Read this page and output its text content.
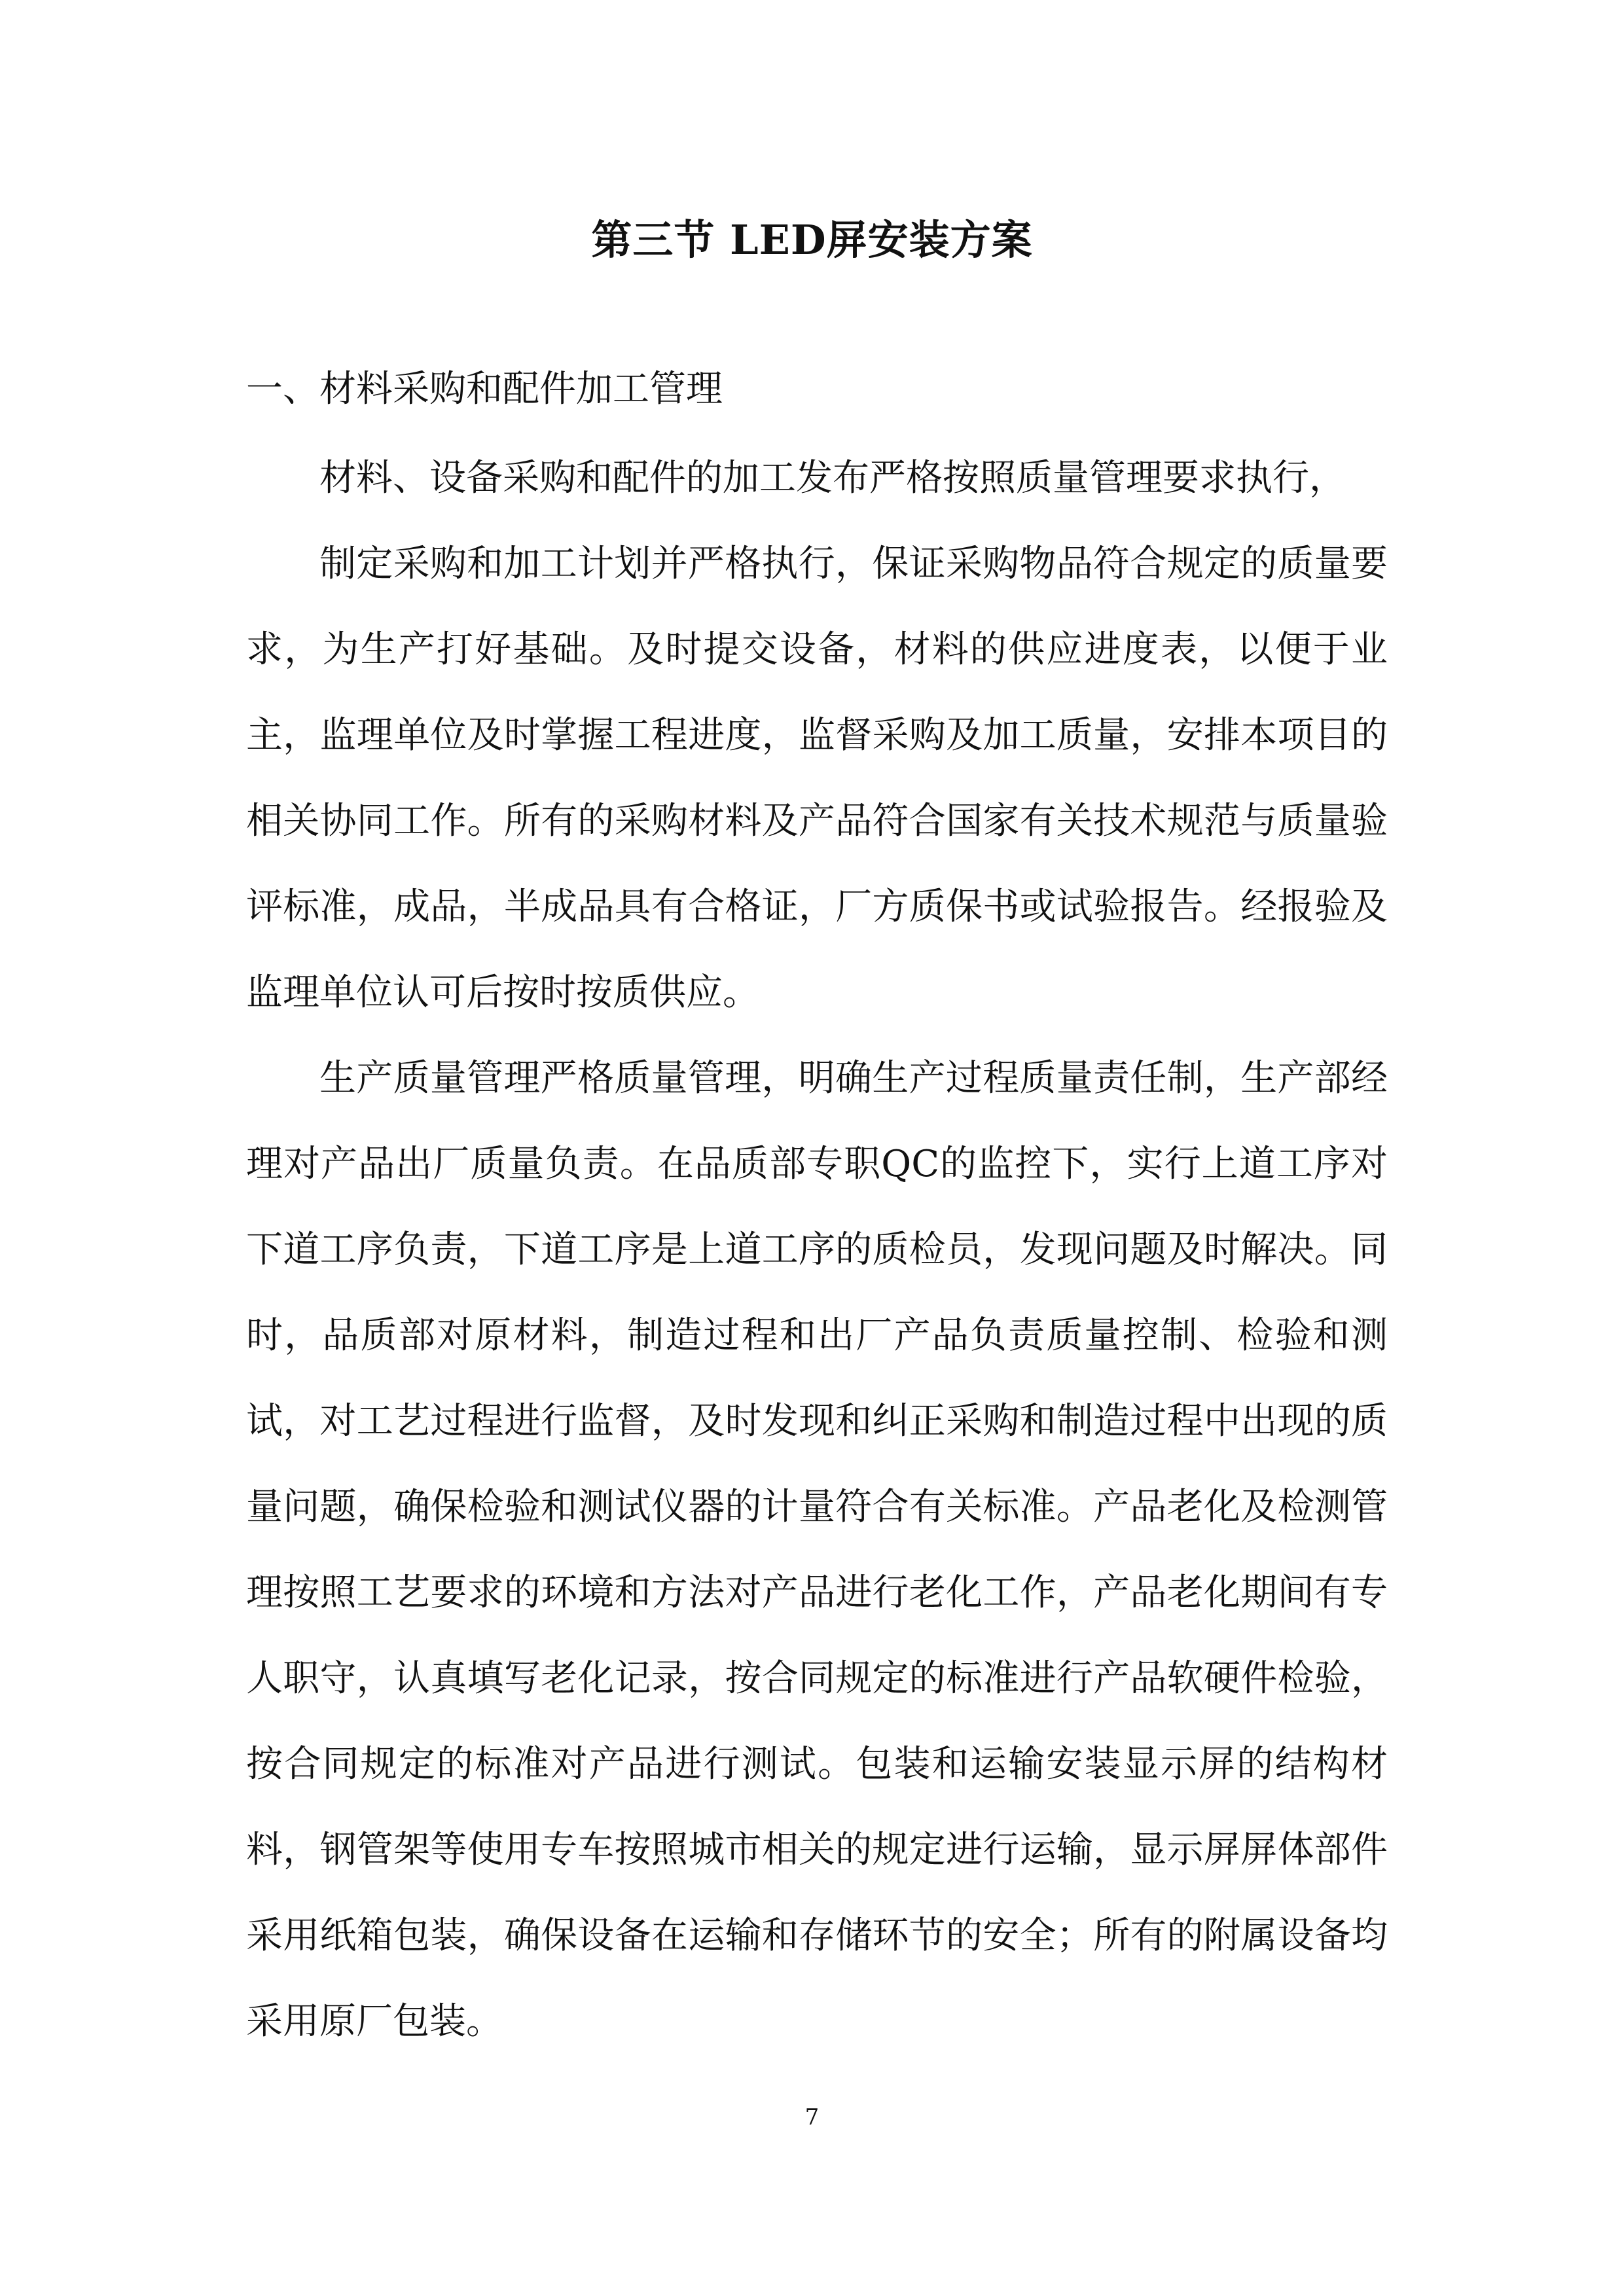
第三节 LED屏安装方案
一、材料采购和配件加工管理

材料、设备采购和配件的加工发布严格按照质量管理要求执行，

制定采购和加工计划并严格执行，保证采购物品符合规定的质量要求，为生产打好基础。及时提交设备，材料的供应进度表，以便于业主，监理单位及时掌握工程进度，监督采购及加工质量，安排本项目的相关协同工作。所有的采购材料及产品符合国家有关技术规范与质量验评标准，成品，半成品具有合格证，厂方质保书或试验报告。经报验及监理单位认可后按时按质供应。

生产质量管理严格质量管理，明确生产过程质量责任制，生产部经理对产品出厂质量负责。在品质部专职QC的监控下，实行上道工序对下道工序负责，下道工序是上道工序的质检员，发现问题及时解决。同时，品质部对原材料，制造过程和出厂产品负责质量控制、检验和测试，对工艺过程进行监督，及时发现和纠正采购和制造过程中出现的质量问题，确保检验和测试仪器的计量符合有关标准。产品老化及检测管理按照工艺要求的环境和方法对产品进行老化工作，产品老化期间有专人职守，认真填写老化记录，按合同规定的标准进行产品软硬件检验，按合同规定的标准对产品进行测试。包装和运输安装显示屏的结构材料，钢管架等使用专车按照城市相关的规定进行运输，显示屏屏体部件采用纸箱包装，确保设备在运输和存储环节的安全；所有的附属设备均采用原厂包装。

7
